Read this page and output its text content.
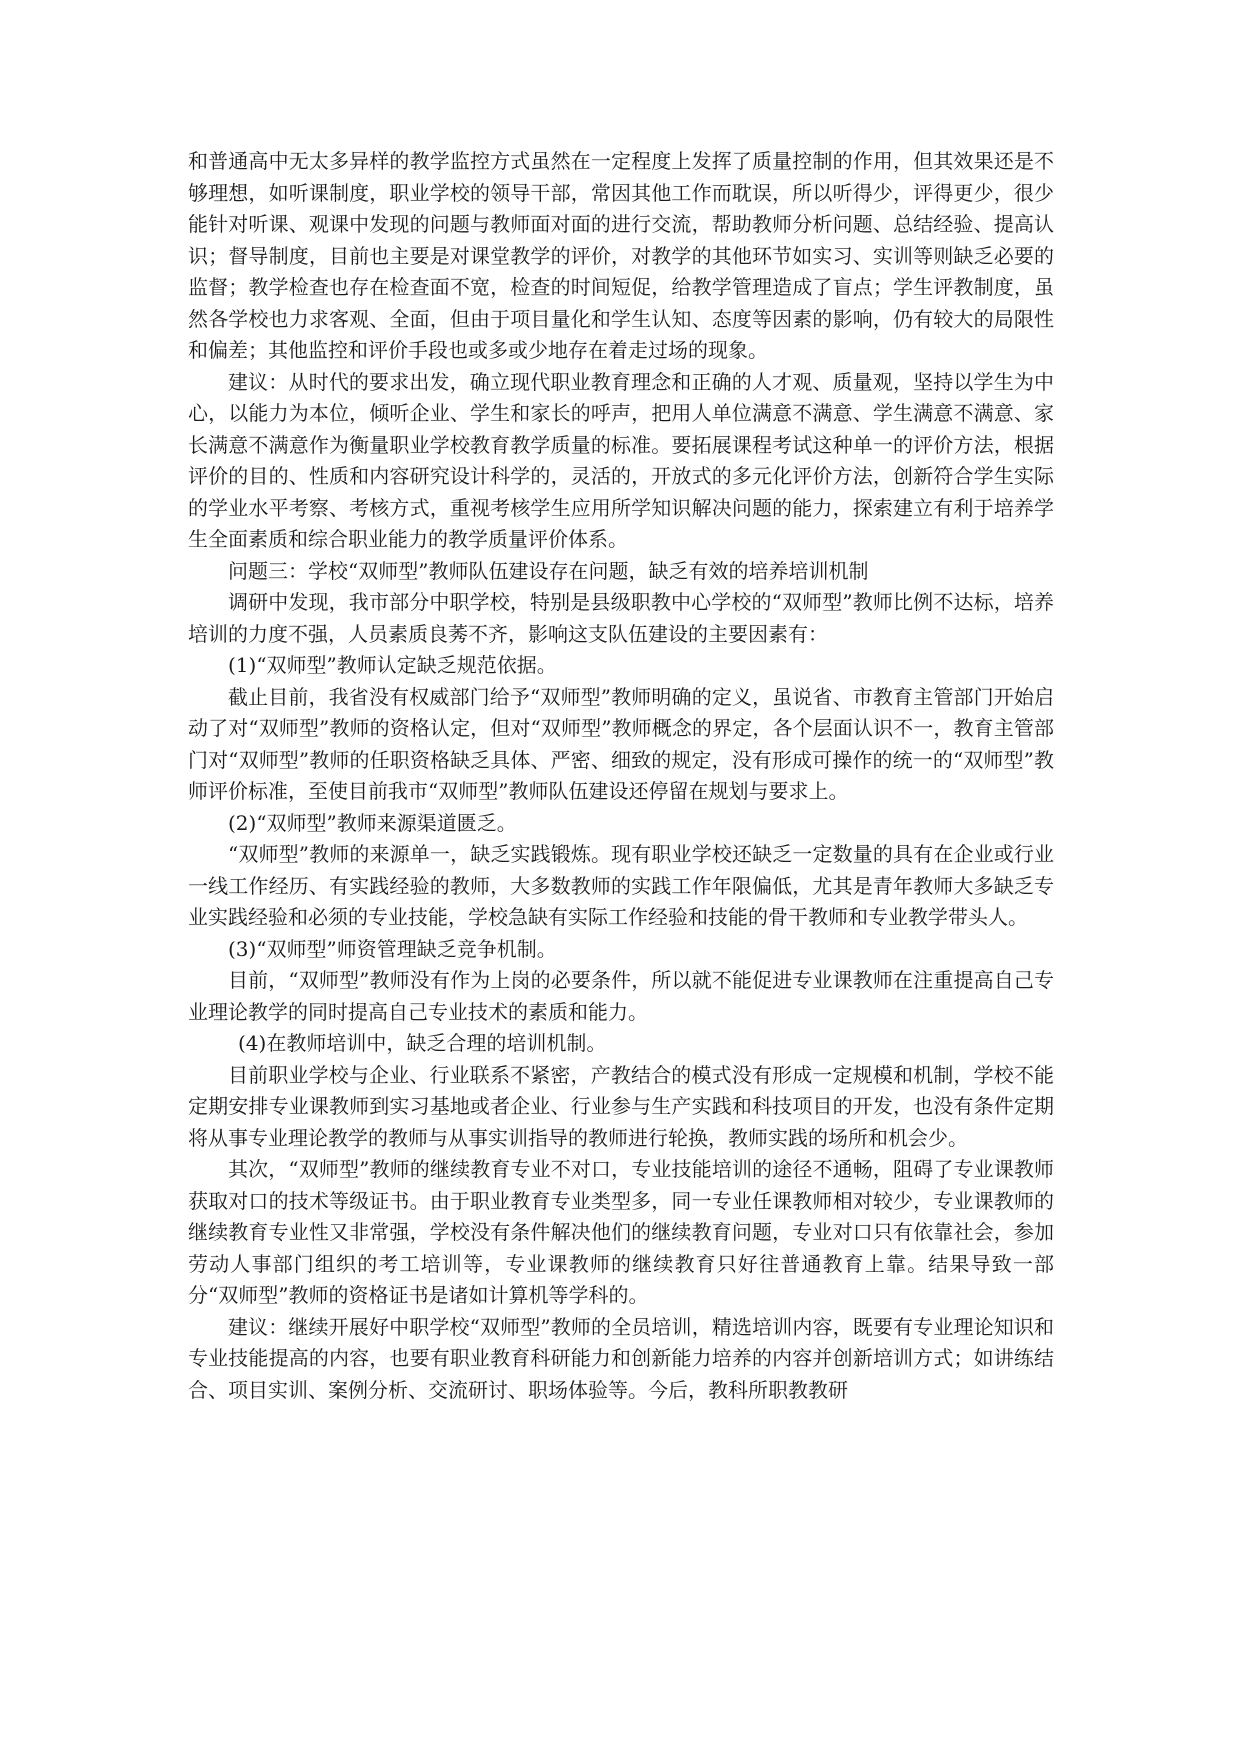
和普通高中无太多异样的教学监控方式虽然在一定程度上发挥了质量控制的作用，但其效果还是不够理想，如听课制度，职业学校的领导干部，常因其他工作而耽误，所以听得少，评得更少，很少能针对听课、观课中发现的问题与教师面对面的进行交流，帮助教师分析问题、总结经验、提高认识；督导制度，目前也主要是对课堂教学的评价，对教学的其他环节如实习、实训等则缺乏必要的监督；教学检查也存在检查面不宽，检查的时间短促，给教学管理造成了盲点；学生评教制度，虽然各学校也力求客观、全面，但由于项目量化和学生认知、态度等因素的影响，仍有较大的局限性和偏差；其他监控和评价手段也或多或少地存在着走过场的现象。

建议：从时代的要求出发，确立现代职业教育理念和正确的人才观、质量观，坚持以学生为中心，以能力为本位，倾听企业、学生和家长的呼声，把用人单位满意不满意、学生满意不满意、家长满意不满意作为衡量职业学校教育教学质量的标准。要拓展课程考试这种单一的评价方法，根据评价的目的、性质和内容研究设计科学的，灵活的，开放式的多元化评价方法，创新符合学生实际的学业水平考察、考核方式，重视考核学生应用所学知识解决问题的能力，探索建立有利于培养学生全面素质和综合职业能力的教学质量评价体系。

问题三：学校“双师型”教师队伍建设存在问题，缺乏有效的培养培训机制

调研中发现，我市部分中职学校，特别是县级职教中心学校的“双师型”教师比例不达标，培养培训的力度不强，人员素质良莠不齐，影响这支队伍建设的主要因素有：

(1)“双师型”教师认定缺乏规范依据。

截止目前，我省没有权威部门给予“双师型”教师明确的定义，虽说省、市教育主管部门开始启动了对“双师型”教师的资格认定，但对“双师型”教师概念的界定，各个层面认识不一，教育主管部门对“双师型”教师的任职资格缺乏具体、严密、细致的规定，没有形成可操作的统一的“双师型”教师评价标准，至使目前我市“双师型”教师队伍建设还停留在规划与要求上。

(2)“双师型”教师来源渠道匮乏。

“双师型”教师的来源单一，缺乏实践锻炼。现有职业学校还缺乏一定数量的具有在企业或行业一线工作经历、有实践经验的教师，大多数教师的实践工作年限偏低，尤其是青年教师大多缺乏专业实践经验和必须的专业技能，学校急缺有实际工作经验和技能的骨干教师和专业教学带头人。

(3)“双师型”师资管理缺乏竞争机制。

目前，“双师型”教师没有作为上岗的必要条件，所以就不能促进专业课教师在注重提高自己专业理论教学的同时提高自己专业技术的素质和能力。

(4)在教师培训中，缺乏合理的培训机制。

目前职业学校与企业、行业联系不紧密，产教结合的模式没有形成一定规模和机制，学校不能定期安排专业课教师到实习基地或者企业、行业参与生产实践和科技项目的开发，也没有条件定期将从事专业理论教学的教师与从事实训指导的教师进行轮换，教师实践的场所和机会少。

其次，“双师型”教师的继续教育专业不对口，专业技能培训的途径不通畅，阻碍了专业课教师获取对口的技术等级证书。由于职业教育专业类型多，同一专业任课教师相对较少，专业课教师的继续教育专业性又非常强，学校没有条件解决他们的继续教育问题，专业对口只有依靠社会，参加劳动人事部门组织的考工培训等，专业课教师的继续教育只好往普通教育上靠。结果导致一部分“双师型”教师的资格证书是诸如计算机等学科的。

建议：继续开展好中职学校“双师型”教师的全员培训，精选培训内容，既要有专业理论知识和专业技能提高的内容，也要有职业教育科研能力和创新能力培养的内容并创新培训方式；如讲练结合、项目实训、案例分析、交流研讨、职场体验等。今后，教科所职教教研
